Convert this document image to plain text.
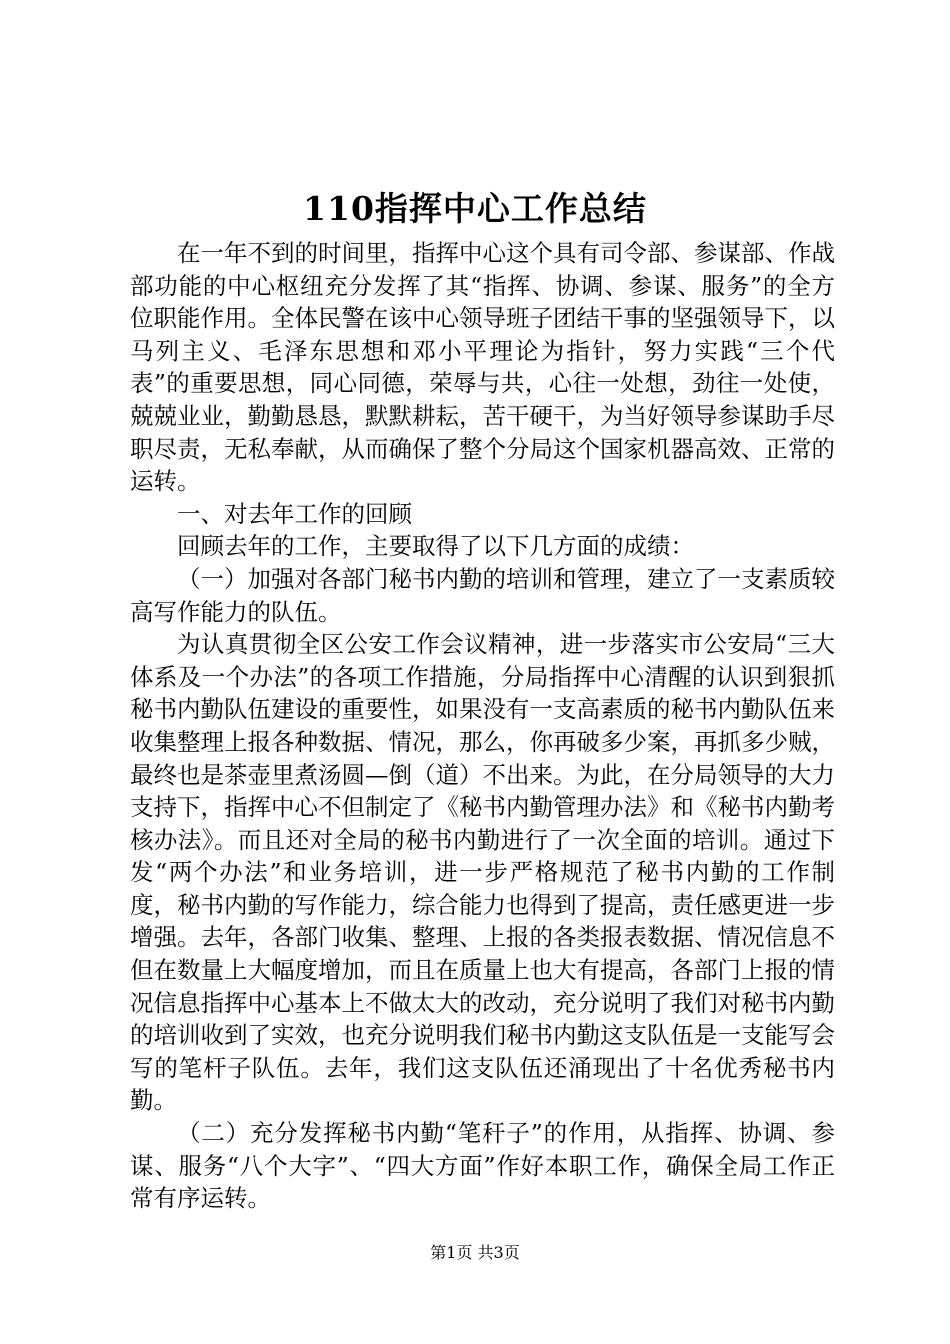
110指挥中心工作总结

在一年不到的时间里，指挥中心这个具有司令部、参谋部、作战部功能的中心枢纽充分发挥了其“指挥、协调、参谋、服务”的全方位职能作用。全体民警在该中心领导班子团结干事的坚强领导下，以马列主义、毛泽东思想和邓小平理论为指针，努力实践“三个代表”的重要思想，同心同德，荣辱与共，心往一处想，劲往一处使，兢兢业业，勤勤恳恳，默默耕耘，苦干硬干，为当好领导参谋助手尽职尽责，无私奉献，从而确保了整个分局这个国家机器高效、正常的运转。

一、对去年工作的回顾

回顾去年的工作，主要取得了以下几方面的成绩：

（一）加强对各部门秘书内勤的培训和管理，建立了一支素质较高写作能力的队伍。

为认真贯彻全区公安工作会议精神，进一步落实市公安局“三大体系及一个办法”的各项工作措施，分局指挥中心清醒的认识到狠抓秘书内勤队伍建设的重要性，如果没有一支高素质的秘书内勤队伍来收集整理上报各种数据、情况，那么，你再破多少案，再抓多少贼，最终也是茶壶里煮汤圆—倒（道）不出来。为此，在分局领导的大力支持下，指挥中心不但制定了《秘书内勤管理办法》和《秘书内勤考核办法》。而且还对全局的秘书内勤进行了一次全面的培训。通过下发“两个办法”和业务培训，进一步严格规范了秘书内勤的工作制度，秘书内勤的写作能力，综合能力也得到了提高，责任感更进一步增强。去年，各部门收集、整理、上报的各类报表数据、情况信息不但在数量上大幅度增加，而且在质量上也大有提高，各部门上报的情况信息指挥中心基本上不做太大的改动，充分说明了我们对秘书内勤的培训收到了实效，也充分说明我们秘书内勤这支队伍是一支能写会写的笔杆子队伍。去年，我们这支队伍还涌现出了十名优秀秘书内勤。

（二）充分发挥秘书内勤“笔秆子”的作用，从指挥、协调、参谋、服务“八个大字”、“四大方面”作好本职工作，确保全局工作正常有序运转。

第1页 共3页
